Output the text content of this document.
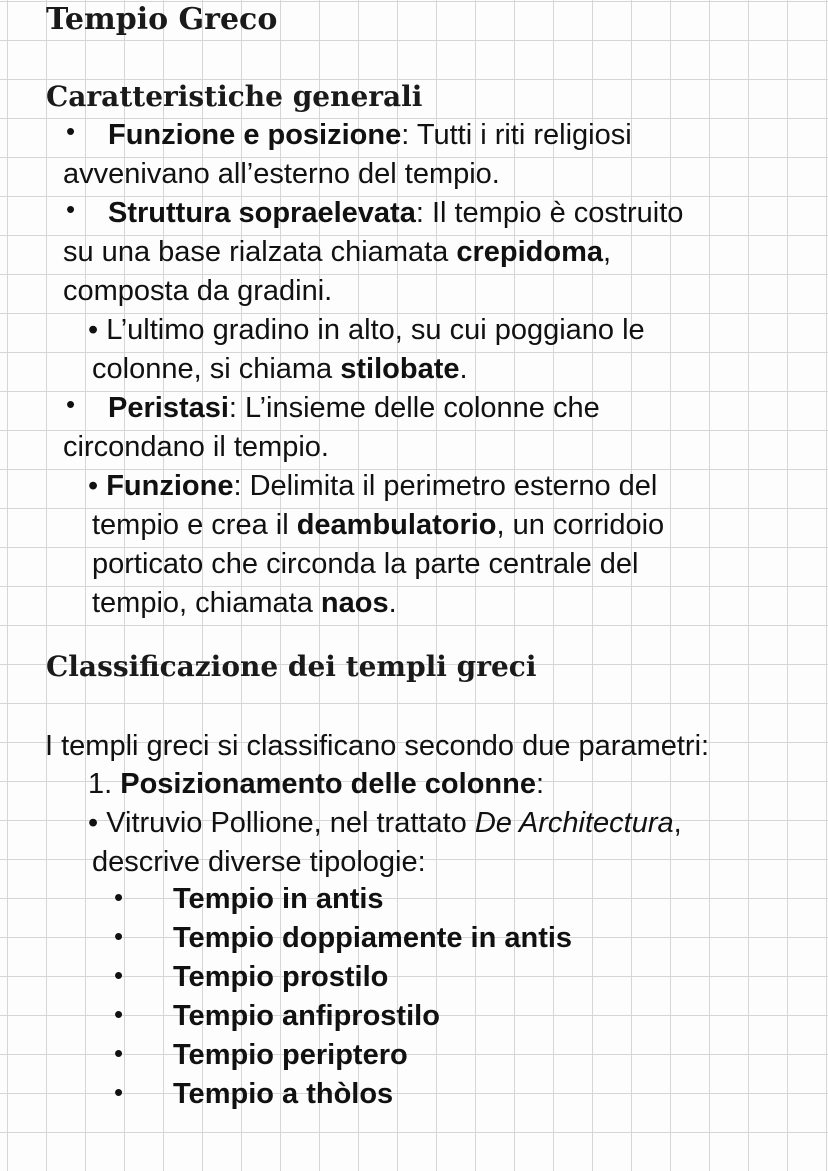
Tempio Greco
Caratteristiche generali
• Funzione e posizione: Tutti i riti religiosi
avvenivano all’esterno del tempio.
• Struttura sopraelevata: Il tempio è costruito
su una base rialzata chiamata crepidoma,
composta da gradini.
• L’ultimo gradino in alto, su cui poggiano le
colonne, si chiama stilobate.
• Peristasi: L’insieme delle colonne che
circondano il tempio.
• Funzione: Delimita il perimetro esterno del
tempio e crea il deambulatorio, un corridoio
porticato che circonda la parte centrale del
tempio, chiamata naos.
Classificazione dei templi greci
I templi greci si classificano secondo due parametri:
1. Posizionamento delle colonne:
• Vitruvio Pollione, nel trattato De Architectura,
descrive diverse tipologie:
• Tempio in antis
• Tempio doppiamente in antis
• Tempio prostilo
• Tempio anfiprostilo
• Tempio periptero
• Tempio a thòlos
